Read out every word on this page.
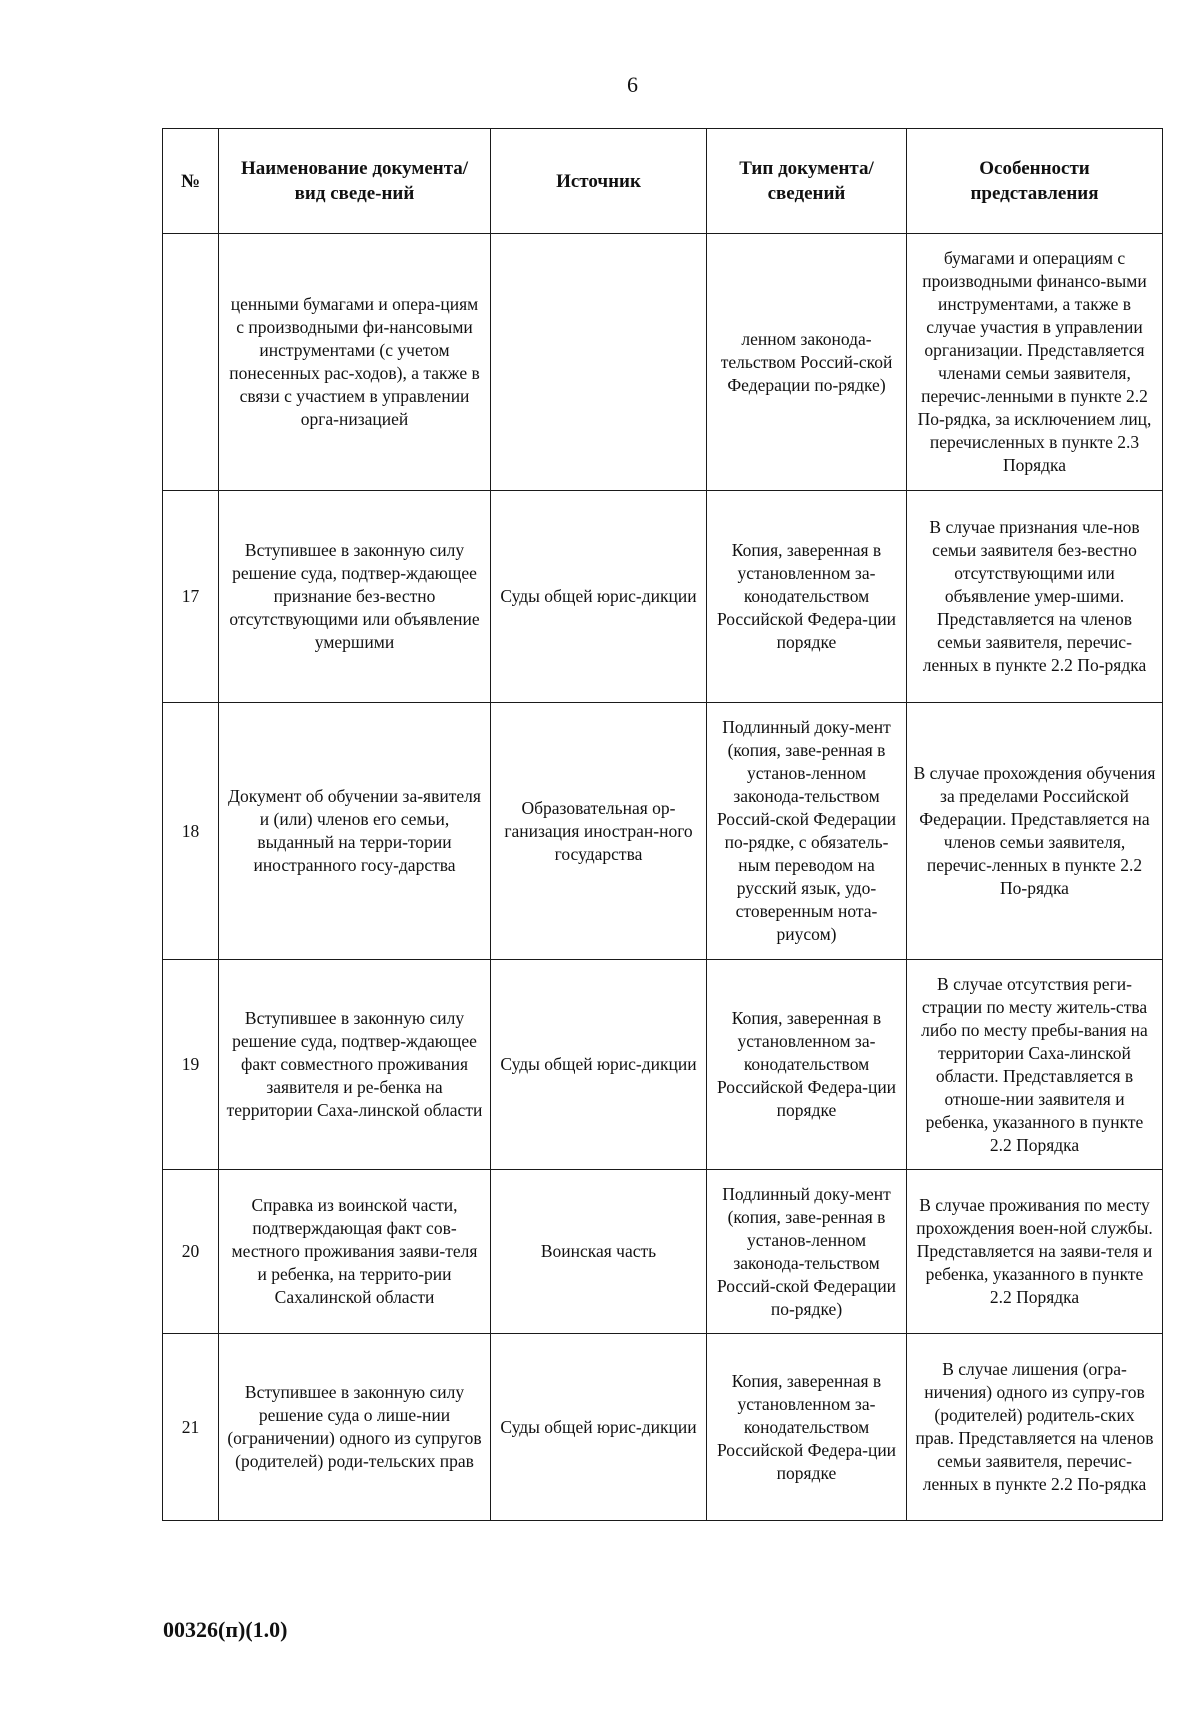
6
№	Наименование документа/ вид сведе-ний	Источник	Тип документа/ сведений	Особенности представления
	ценными бумагами и опера-циям с производными фи-нансовыми инструментами (с учетом понесенных рас-ходов), а также в связи с участием в управлении орга-низацией		ленном законода-тельством Россий-ской Федерации по-рядке)	бумагами и операциям с производными финансо-выми инструментами, а также в случае участия в управлении организации. Представляется членами семьи заявителя, перечис-ленными в пункте 2.2 По-рядка, за исключением лиц, перечисленных в пункте 2.3 Порядка
17	Вступившее в законную силу решение суда, подтвер-ждающее признание без-вестно отсутствующими или объявление умершими	Суды общей юрис-дикции	Копия, заверенная в установленном за-конодательством Российской Федера-ции порядке	В случае признания чле-нов семьи заявителя без-вестно отсутствующими или объявление умер-шими. Представляется на членов семьи заявителя, перечис-ленных в пункте 2.2 По-рядка
18	Документ об обучении за-явителя и (или) членов его семьи, выданный на терри-тории иностранного госу-дарства	Образовательная ор-ганизация иностран-ного государства	Подлинный доку-мент (копия, заве-ренная в установ-ленном законода-тельством Россий-ской Федерации по-рядке, с обязатель-ным переводом на русский язык, удо-стоверенным нота-риусом)	В случае прохождения обучения за пределами Российской Федерации. Представляется на членов семьи заявителя, перечис-ленных в пункте 2.2 По-рядка
19	Вступившее в законную силу решение суда, подтвер-ждающее факт совместного проживания заявителя и ре-бенка на территории Саха-линской области	Суды общей юрис-дикции	Копия, заверенная в установленном за-конодательством Российской Федера-ции порядке	В случае отсутствия реги-страции по месту житель-ства либо по месту пребы-вания на территории Саха-линской области. Представляется в отноше-нии заявителя и ребенка, указанного в пункте 2.2 Порядка
20	Справка из воинской части, подтверждающая факт сов-местного проживания заяви-теля и ребенка, на террито-рии Сахалинской области	Воинская часть	Подлинный доку-мент (копия, заве-ренная в установ-ленном законода-тельством Россий-ской Федерации по-рядке)	В случае проживания по месту прохождения воен-ной службы. Представляется на заяви-теля и ребенка, указанного в пункте 2.2 Порядка
21	Вступившее в законную силу решение суда о лише-нии (ограничении) одного из супругов (родителей) роди-тельских прав	Суды общей юрис-дикции	Копия, заверенная в установленном за-конодательством Российской Федера-ции порядке	В случае лишения (огра-ничения) одного из супру-гов (родителей) родитель-ских прав. Представляется на членов семьи заявителя, перечис-ленных в пункте 2.2 По-рядка
00326(п)(1.0)
